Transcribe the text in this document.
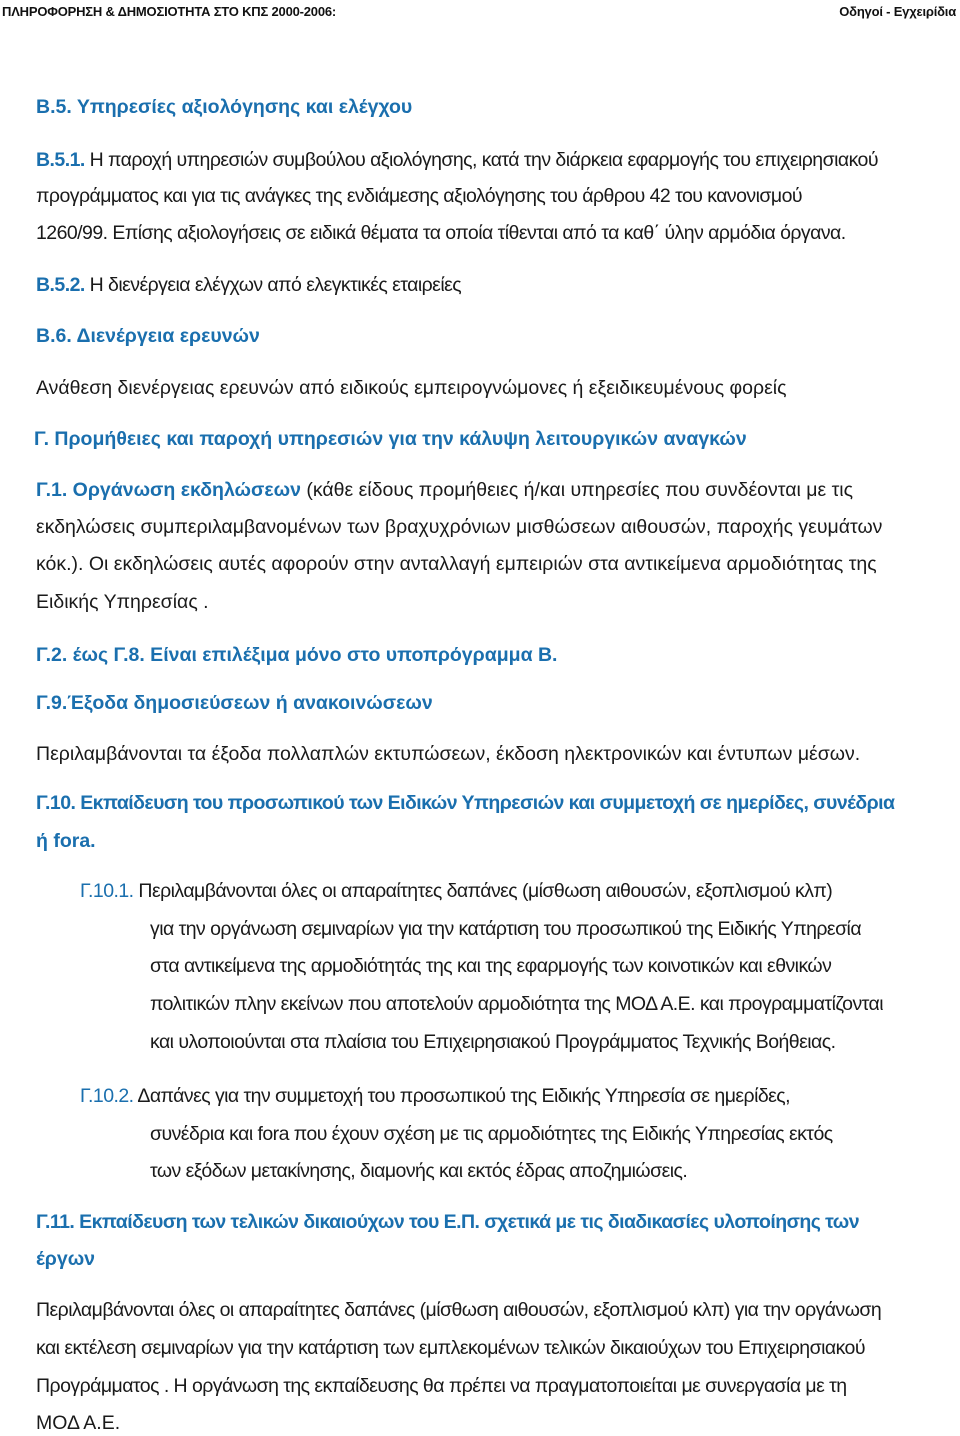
ΠΛΗΡΟΦΟΡΗΣΗ & ΔΗΜΟΣΙΟΤΗΤΑ ΣΤΟ ΚΠΣ 2000-2006:	Οδηγοί - Εγχειρίδια
Β.5. Υπηρεσίες αξιολόγησης και ελέγχου
Β.5.1. Η παροχή υπηρεσιών συμβούλου αξιολόγησης, κατά την διάρκεια εφαρμογής του επιχειρησιακού
προγράμματος και για τις ανάγκες της ενδιάμεσης αξιολόγησης του άρθρου 42 του κανονισμού
1260/99. Επίσης αξιολογήσεις σε ειδικά θέματα τα οποία τίθενται από τα καθ΄ ύλην αρμόδια όργανα.
Β.5.2. Η διενέργεια ελέγχων από ελεγκτικές εταιρείες
Β.6. Διενέργεια ερευνών
Ανάθεση διενέργειας ερευνών από ειδικούς εμπειρογνώμονες ή εξειδικευμένους φορείς
Γ. Προμήθειες και παροχή υπηρεσιών για την κάλυψη λειτουργικών αναγκών
Γ.1. Οργάνωση εκδηλώσεων (κάθε είδους προμήθειες ή/και υπηρεσίες που συνδέονται με τις
εκδηλώσεις συμπεριλαμβανομένων των βραχυχρόνιων μισθώσεων αιθουσών, παροχής γευμάτων
κόκ.). Οι εκδηλώσεις αυτές αφορούν στην ανταλλαγή εμπειριών στα αντικείμενα αρμοδιότητας της
Ειδικής Υπηρεσίας .
Γ.2. έως Γ.8. Είναι επιλέξιμα μόνο στο υποπρόγραμμα Β.
Γ.9.Έξοδα δημοσιεύσεων ή ανακοινώσεων
Περιλαμβάνονται τα έξοδα πολλαπλών εκτυπώσεων, έκδοση ηλεκτρονικών και έντυπων μέσων.
Γ.10. Εκπαίδευση του προσωπικού των Ειδικών Υπηρεσιών και συμμετοχή σε ημερίδες, συνέδρια
ή fora.
Γ.10.1. Περιλαμβάνονται όλες οι απαραίτητες δαπάνες (μίσθωση αιθουσών, εξοπλισμού κλπ)
για την οργάνωση σεμιναρίων για την κατάρτιση του προσωπικού της Ειδικής Υπηρεσία
στα αντικείμενα της αρμοδιότητάς της και της εφαρμογής των κοινοτικών και εθνικών
πολιτικών πλην εκείνων που αποτελούν αρμοδιότητα της ΜΟΔ Α.Ε. και προγραμματίζονται
και υλοποιούνται στα πλαίσια του Επιχειρησιακού Προγράμματος Τεχνικής Βοήθειας.
Γ.10.2. Δαπάνες για την συμμετοχή του προσωπικού της Ειδικής Υπηρεσία σε ημερίδες,
συνέδρια και fora που έχουν σχέση με τις αρμοδιότητες της Ειδικής Υπηρεσίας εκτός
των εξόδων μετακίνησης, διαμονής και εκτός έδρας αποζημιώσεις.
Γ.11. Εκπαίδευση των τελικών δικαιούχων του Ε.Π. σχετικά με τις διαδικασίες υλοποίησης των
έργων
Περιλαμβάνονται όλες οι απαραίτητες δαπάνες (μίσθωση αιθουσών, εξοπλισμού κλπ) για την οργάνωση
και εκτέλεση σεμιναρίων για την κατάρτιση των εμπλεκομένων τελικών δικαιούχων του Επιχειρησιακού
Προγράμματος . Η οργάνωση της εκπαίδευσης θα πρέπει να πραγματοποιείται με συνεργασία με τη
ΜΟΔ Α.Ε.
